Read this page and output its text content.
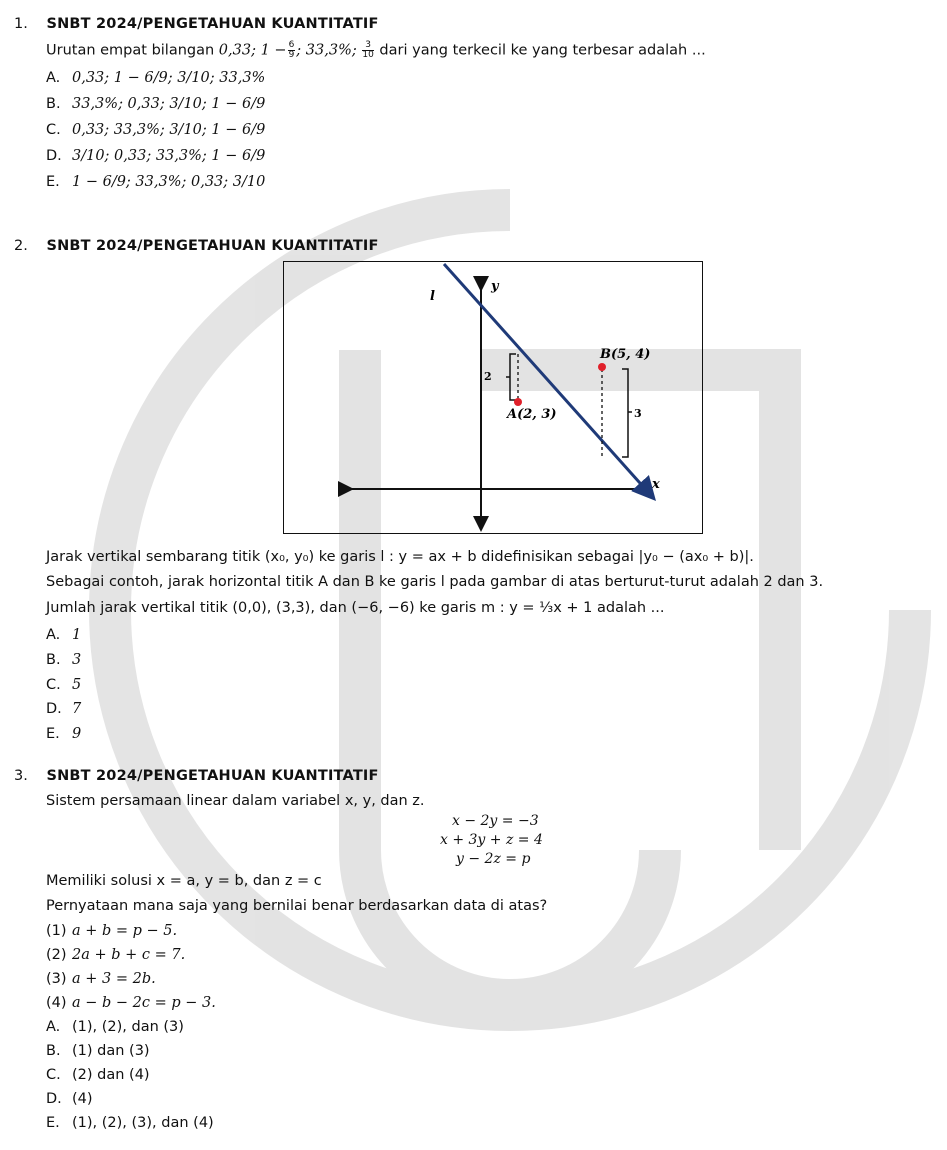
1. SNBT 2024/PENGETAHUAN KUANTITATIF
Urutan empat bilangan 0,33; $1 - \frac{6}{9}$ ; 33,3%; $\frac{3}{10}$ dari yang terkecil ke yang terbesar adalah ...
A. 0,33; 1 − 6/9; 3/10; 33,3%
B. 33,3%; 0,33; 3/10; 1 − 6/9
C. 0,33; 33,3%; 3/10; 1 − 6/9
D. 3/10; 0,33; 33,3%; 1 − 6/9
E. 1 − 6/9; 33,3%; 0,33; 3/10
2. SNBT 2024/PENGETAHUAN KUANTITATIF
l
y
x
B(5, 4)
A(2, 3)
2
3
Jarak vertikal sembarang titik (x₀, y₀) ke garis l : y = ax + b didefinisikan sebagai |y₀ − (ax₀ + b)|.
Sebagai contoh, jarak horizontal titik A dan B ke garis l pada gambar di atas berturut-turut adalah 2 dan 3.
Jumlah jarak vertikal titik (0,0), (3,3), dan (−6, −6) ke garis m : y = ⅓x + 1 adalah ...
A. 1
B. 3
C. 5
D. 7
E. 9
3. SNBT 2024/PENGETAHUAN KUANTITATIF
Sistem persamaan linear dalam variabel x, y, dan z.
x − 2y = −3
x + 3y + z = 4
y − 2z = p
Memiliki solusi x = a, y = b, dan z = c
Pernyataan mana saja yang bernilai benar berdasarkan data di atas?
(1) a + b = p − 5.
(2) 2a + b + c = 7.
(3) a + 3 = 2b.
(4) a − b − 2c = p − 3.
A. (1), (2), dan (3)
B. (1) dan (3)
C. (2) dan (4)
D. (4)
E. (1), (2), (3), dan (4)
